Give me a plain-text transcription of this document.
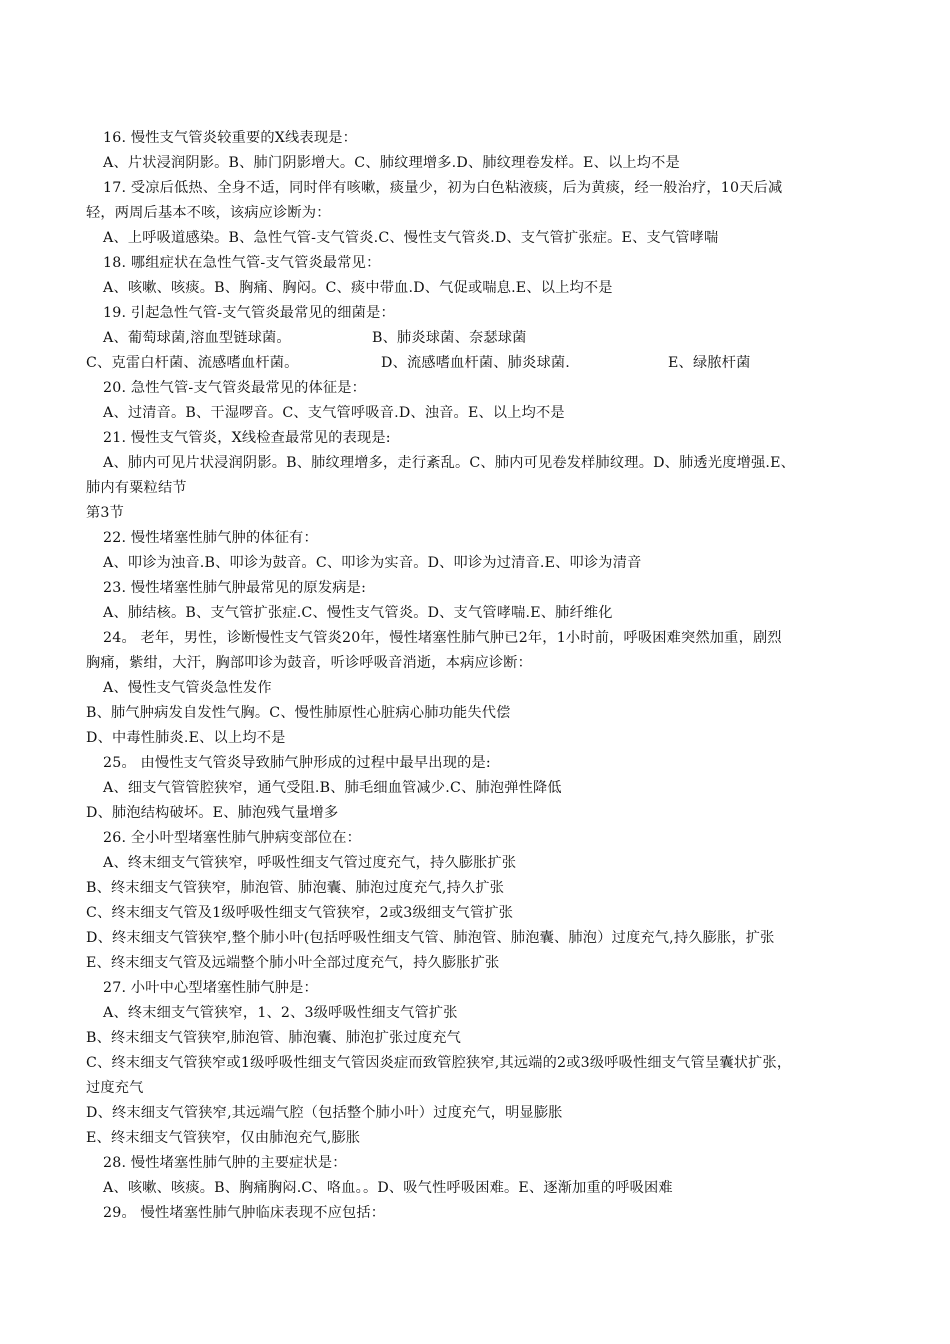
16. 慢性支气管炎较重要的X线表现是：
A、片状浸润阴影。B、肺门阴影增大。C、肺纹理增多.D、肺纹理卷发样。E、以上均不是
17. 受凉后低热、全身不适，同时伴有咳嗽，痰量少，初为白色粘液痰，后为黄痰，经一般治疗，10天后减
轻，两周后基本不咳，该病应诊断为：
A、上呼吸道感染。B、急性气管-支气管炎.C、慢性支气管炎.D、支气管扩张症。E、支气管哮喘
18. 哪组症状在急性气管-支气管炎最常见：
A、咳嗽、咳痰。B、胸痛、胸闷。C、痰中带血.D、气促或喘息.E、以上均不是
19. 引起急性气管-支气管炎最常见的细菌是：
A、葡萄球菌,溶血型链球菌。	B、肺炎球菌、奈瑟球菌
C、克雷白杆菌、流感嗜血杆菌。	D、流感嗜血杆菌、肺炎球菌.	E、绿脓杆菌
20. 急性气管-支气管炎最常见的体征是：
A、过清音。B、干湿啰音。C、支气管呼吸音.D、浊音。E、以上均不是
21. 慢性支气管炎，X线检查最常见的表现是:
A、肺内可见片状浸润阴影。B、肺纹理增多，走行紊乱。C、肺内可见卷发样肺纹理。D、肺透光度增强.E、
肺内有粟粒结节
第3节
22. 慢性堵塞性肺气肿的体征有：
A、叩诊为浊音.B、叩诊为鼓音。C、叩诊为实音。D、叩诊为过清音.E、叩诊为清音
23. 慢性堵塞性肺气肿最常见的原发病是:
A、肺结核。B、支气管扩张症.C、慢性支气管炎。D、支气管哮喘.E、肺纤维化
24。 老年，男性，诊断慢性支气管炎20年，慢性堵塞性肺气肿已2年，1小时前，呼吸困难突然加重，剧烈
胸痛，紫绀，大汗，胸部叩诊为鼓音，听诊呼吸音消逝，本病应诊断：
A、慢性支气管炎急性发作
B、肺气肿病发自发性气胸。C、慢性肺原性心脏病心肺功能失代偿
D、中毒性肺炎.E、以上均不是
25。 由慢性支气管炎导致肺气肿形成的过程中最早出现的是:
A、细支气管管腔狭窄，通气受阻.B、肺毛细血管减少.C、肺泡弹性降低
D、肺泡结构破坏。E、肺泡残气量增多
26. 全小叶型堵塞性肺气肿病变部位在：
A、终末细支气管狭窄，呼吸性细支气管过度充气，持久膨胀扩张
B、终末细支气管狭窄，肺泡管、肺泡囊、肺泡过度充气,持久扩张
C、终末细支气管及1级呼吸性细支气管狭窄，2或3级细支气管扩张
D、终末细支气管狭窄,整个肺小叶(包括呼吸性细支气管、肺泡管、肺泡囊、肺泡）过度充气,持久膨胀，扩张
E、终末细支气管及远端整个肺小叶全部过度充气，持久膨胀扩张
27. 小叶中心型堵塞性肺气肿是：
A、终末细支气管狭窄，1、2、3级呼吸性细支气管扩张
B、终末细支气管狭窄,肺泡管、肺泡囊、肺泡扩张过度充气
C、终末细支气管狭窄或1级呼吸性细支气管因炎症而致管腔狭窄,其远端的2或3级呼吸性细支气管呈囊状扩张，
过度充气
D、终末细支气管狭窄,其远端气腔（包括整个肺小叶）过度充气，明显膨胀
E、终末细支气管狭窄，仅由肺泡充气,膨胀
28. 慢性堵塞性肺气肿的主要症状是：
A、咳嗽、咳痰。B、胸痛胸闷.C、咯血。。D、吸气性呼吸困难。E、逐渐加重的呼吸困难
29。 慢性堵塞性肺气肿临床表现不应包括：
